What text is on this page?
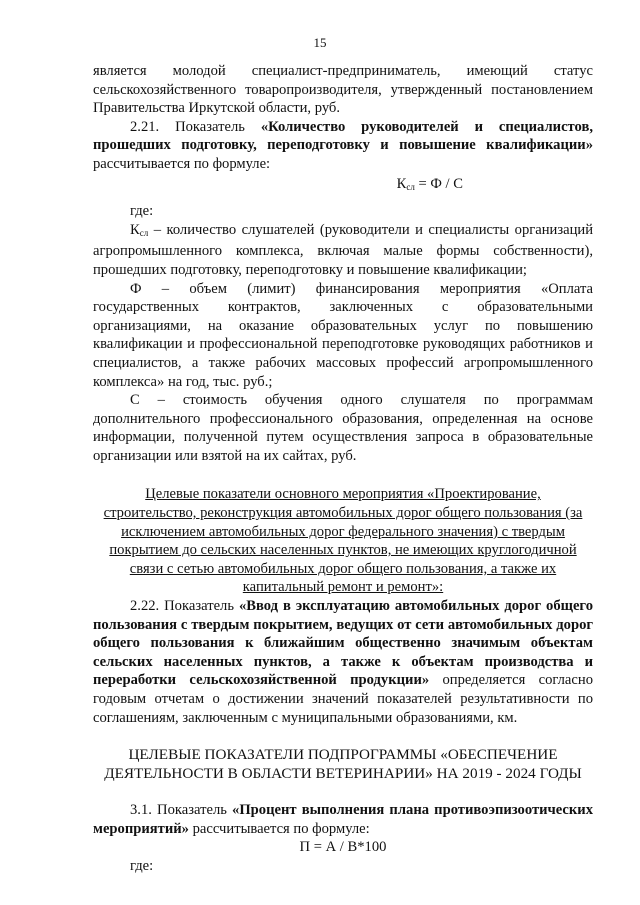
15

является молодой специалист-предприниматель, имеющий статус сельскохозяйственного товаропроизводителя, утвержденный постановлением Правительства Иркутской области, руб.

2.21. Показатель «Количество руководителей и специалистов, прошедших подготовку, переподготовку и повышение квалификации» рассчитывается по формуле:

$К_{сл} = Ф / С$

где:

$К_{сл}$ – количество слушателей (руководители и специалисты организаций агропромышленного комплекса, включая малые формы собственности), прошедших подготовку, переподготовку и повышение квалификации;

Ф – объем (лимит) финансирования мероприятия «Оплата государственных контрактов, заключенных с образовательными организациями, на оказание образовательных услуг по повышению квалификации и профессиональной переподготовке руководящих работников и специалистов, а также рабочих массовых профессий агропромышленного комплекса» на год, тыс. руб.;

С – стоимость обучения одного слушателя по программам дополнительного профессионального образования, определенная на основе информации, полученной путем осуществления запроса в образовательные организации или взятой на их сайтах, руб.

Целевые показатели основного мероприятия «Проектирование, строительство, реконструкция автомобильных дорог общего пользования (за исключением автомобильных дорог федерального значения) с твердым покрытием до сельских населенных пунктов, не имеющих круглогодичной связи с сетью автомобильных дорог общего пользования, а также их капитальный ремонт и ремонт»:

2.22. Показатель «Ввод в эксплуатацию автомобильных дорог общего пользования с твердым покрытием, ведущих от сети автомобильных дорог общего пользования к ближайшим общественно значимым объектам сельских населенных пунктов, а также к объектам производства и переработки сельскохозяйственной продукции» определяется согласно годовым отчетам о достижении значений показателей результативности по соглашениям, заключенным с муниципальными образованиями, км.

ЦЕЛЕВЫЕ ПОКАЗАТЕЛИ ПОДПРОГРАММЫ «ОБЕСПЕЧЕНИЕ ДЕЯТЕЛЬНОСТИ В ОБЛАСТИ ВЕТЕРИНАРИИ» НА 2019 - 2024 ГОДЫ

3.1. Показатель «Процент выполнения плана противоэпизоотических мероприятий» рассчитывается по формуле:

П = А / В*100

где:
